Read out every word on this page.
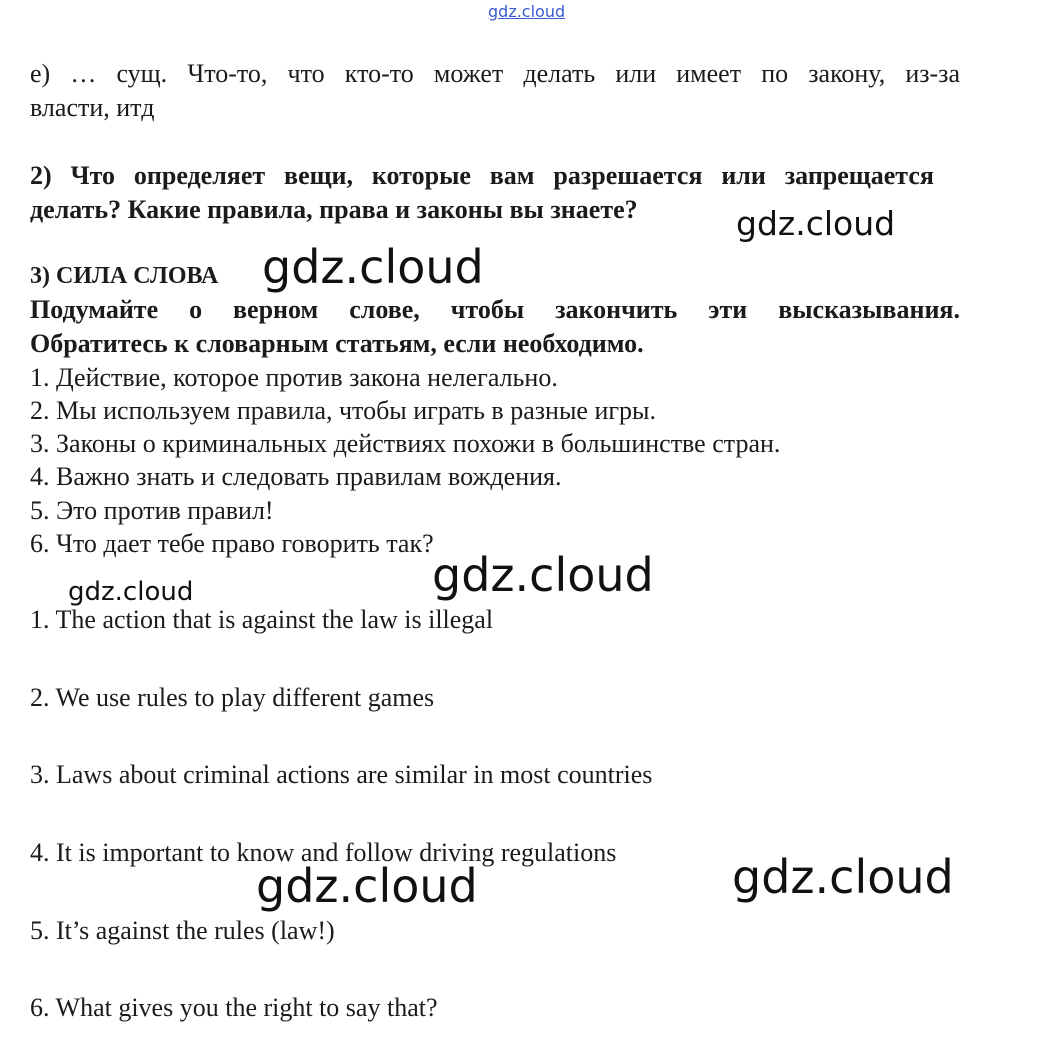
gdz.cloud
е) … сущ. Что-то, что кто-то может делать или имеет по закону, из-за
власти, итд
2) Что определяет вещи, которые вам разрешается или запрещается
делать? Какие правила, права и законы вы знаете?	gdz.cloud
3) СИЛА СЛОВА gdz.cloud
Подумайте о верном слове, чтобы закончить эти высказывания.
Обратитесь к словарным статьям, если необходимо.
1. Действие, которое против закона нелегально.
2. Мы используем правила, чтобы играть в разные игры.
3. Законы о криминальных действиях похожи в большинстве стран.
4. Важно знать и следовать правилам вождения.
5. Это против правил!
6. Что дает тебе право говорить так?
gdz.cloud
gdz.cloud
1. The action that is against the law is illegal
2. We use rules to play different games
3. Laws about criminal actions are similar in most countries
4. It is important to know and follow driving regulations
gdz.cloud	gdz.cloud
5. It’s against the rules (law!)
6. What gives you the right to say that?
